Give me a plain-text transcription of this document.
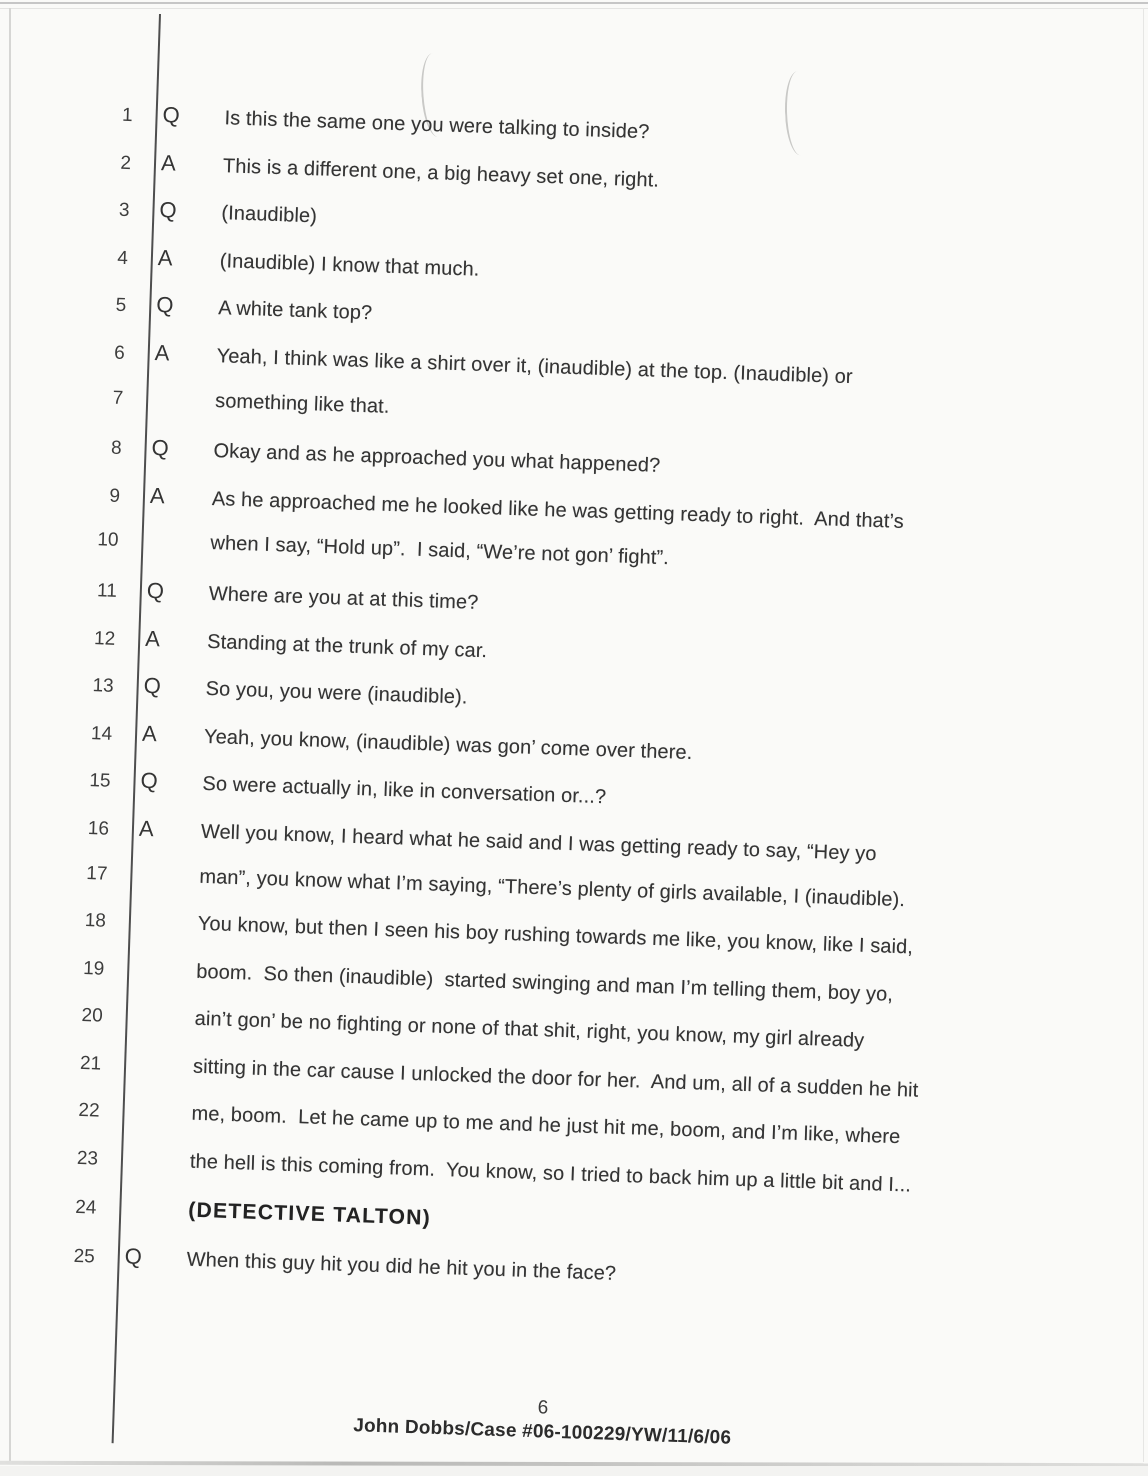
1 Q	Is this the same one you were talking to inside?
2 A	This is a different one, a big heavy set one, right.
3 Q	(Inaudible)
4 A	(Inaudible) I know that much.
5 Q	A white tank top?
6 A	Yeah, I think was like a shirt over it, (inaudible) at the top. (Inaudible) or
7	something like that.
8 Q	Okay and as he approached you what happened?
9 A	As he approached me he looked like he was getting ready to right.  And that’s
10	when I say, “Hold up”.  I said, “We’re not gon’ fight”.
11 Q	Where are you at at this time?
12 A	Standing at the trunk of my car.
13 Q	So you, you were (inaudible).
14 A	Yeah, you know, (inaudible) was gon’ come over there.
15 Q	So were actually in, like in conversation or...?
16 A	Well you know, I heard what he said and I was getting ready to say, “Hey yo
17	man”, you know what I’m saying, “There’s plenty of girls available, I (inaudible).
18	You know, but then I seen his boy rushing towards me like, you know, like I said,
19	boom.  So then (inaudible)  started swinging and man I’m telling them, boy yo,
20	ain’t gon’ be no fighting or none of that shit, right, you know, my girl already
21	sitting in the car cause I unlocked the door for her.  And um, all of a sudden he hit
22	me, boom.  Let he came up to me and he just hit me, boom, and I’m like, where
23	the hell is this coming from.  You know, so I tried to back him up a little bit and I...
24	(DETECTIVE TALTON)
25 Q	When this guy hit you did he hit you in the face?
6
John Dobbs/Case #06-100229/YW/11/6/06
